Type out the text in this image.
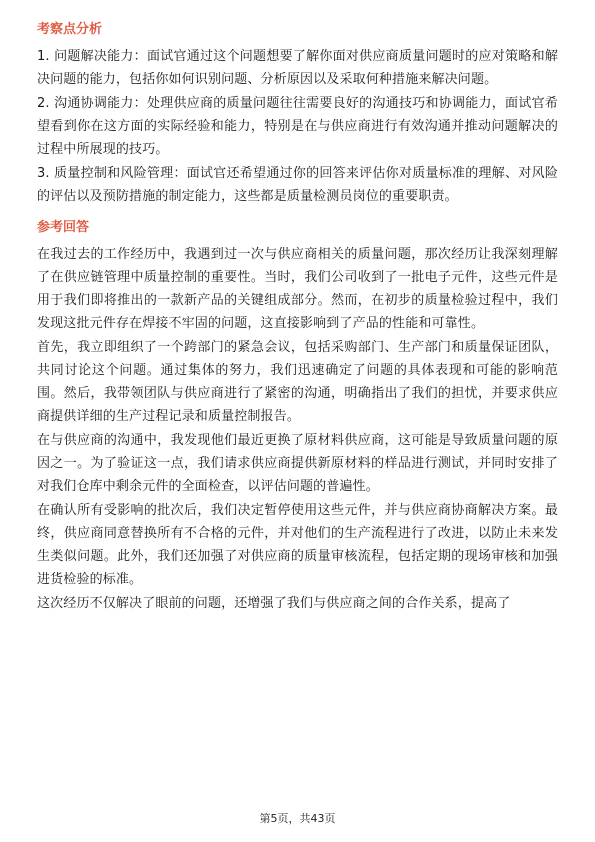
考察点分析
1. 问题解决能力：面试官通过这个问题想要了解你面对供应商质量问题时的应对策略和解决问题的能力，包括你如何识别问题、分析原因以及采取何种措施来解决问题。
2. 沟通协调能力：处理供应商的质量问题往往需要良好的沟通技巧和协调能力，面试官希望看到你在这方面的实际经验和能力，特别是在与供应商进行有效沟通并推动问题解决的过程中所展现的技巧。
3. 质量控制和风险管理：面试官还希望通过你的回答来评估你对质量标准的理解、对风险的评估以及预防措施的制定能力，这些都是质量检测员岗位的重要职责。
参考回答
在我过去的工作经历中，我遇到过一次与供应商相关的质量问题，那次经历让我深刻理解了在供应链管理中质量控制的重要性。当时，我们公司收到了一批电子元件，这些元件是用于我们即将推出的一款新产品的关键组成部分。然而，在初步的质量检验过程中，我们发现这批元件存在焊接不牢固的问题，这直接影响到了产品的性能和可靠性。
首先，我立即组织了一个跨部门的紧急会议，包括采购部门、生产部门和质量保证团队，共同讨论这个问题。通过集体的努力，我们迅速确定了问题的具体表现和可能的影响范围。然后，我带领团队与供应商进行了紧密的沟通，明确指出了我们的担忧，并要求供应商提供详细的生产过程记录和质量控制报告。
在与供应商的沟通中，我发现他们最近更换了原材料供应商，这可能是导致质量问题的原因之一。为了验证这一点，我们请求供应商提供新原材料的样品进行测试，并同时安排了对我们仓库中剩余元件的全面检查，以评估问题的普遍性。
在确认所有受影响的批次后，我们决定暂停使用这些元件，并与供应商协商解决方案。最终，供应商同意替换所有不合格的元件，并对他们的生产流程进行了改进，以防止未来发生类似问题。此外，我们还加强了对供应商的质量审核流程，包括定期的现场审核和加强进货检验的标准。
这次经历不仅解决了眼前的问题，还增强了我们与供应商之间的合作关系，提高了
第5页，共43页
